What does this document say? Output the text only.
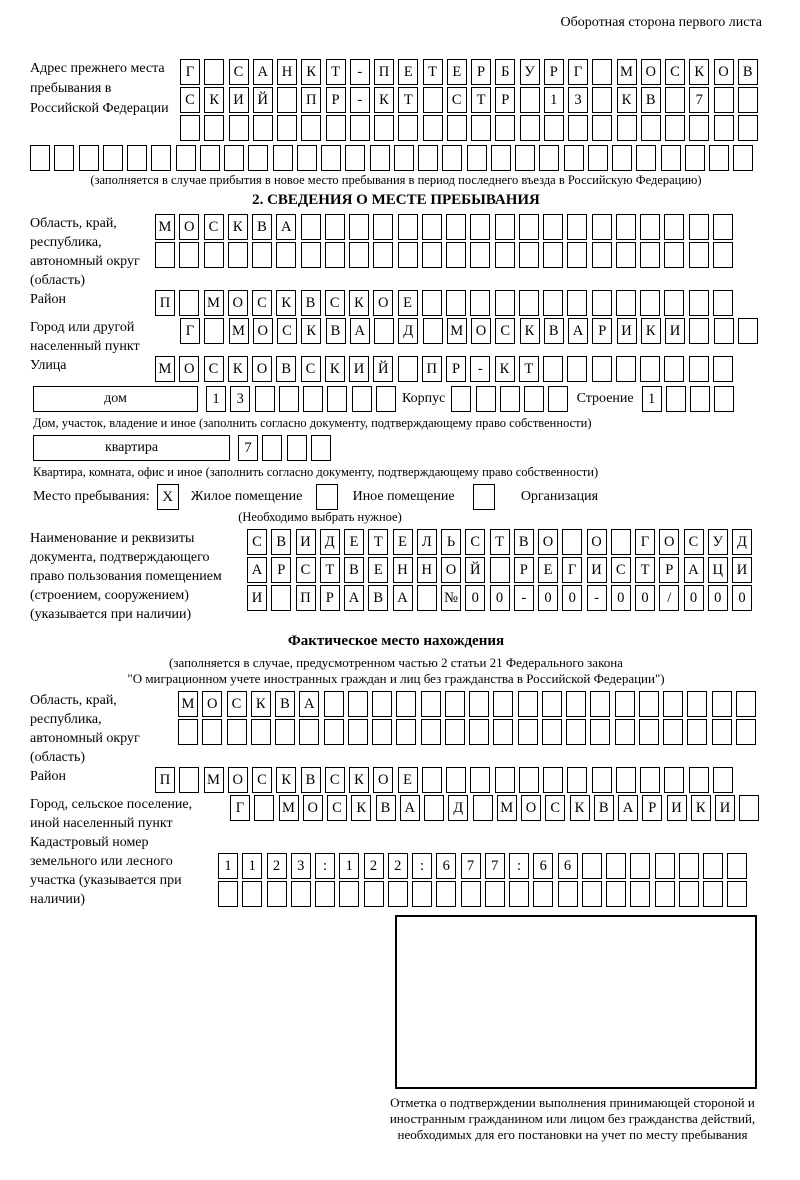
Оборотная сторона первого листа
Адрес прежнего места пребывания в Российской Федерации
Г	С А Н К	Т	-	П	Е	Т	Е	Р	Б	У	Р	Г	М О С	К О В
С	К И Й	П	Р	-	К	Т	С	Т	Р	1	3	К	В	7
(заполняется в случае прибытия в новое место пребывания в период последнего въезда в Российскую Федерацию)
2. СВЕДЕНИЯ О МЕСТЕ ПРЕБЫВАНИЯ
Область, край, республика, автономный округ (область)
М О С	К	В А
Район	П	М О С	К	В	С	К О	Е
Город или другой населенный пункт
Г	М О С	К	В А	Д	М О С	К	В А	Р	И К И
Улица	М О С	К О В	С	К И Й	П	Р	-	К	Т
дом	1	3	Корпус	Строение 1
Дом, участок, владение и иное (заполнить согласно документу, подтверждающему право собственности)
квартира	7
Квартира, комната, офис и иное (заполнить согласно документу, подтверждающему право собственности)
Место пребывания: X	Жилое помещение	Иное помещение	Организация
(Необходимо выбрать нужное)
Наименование и реквизиты документа, подтверждающего право пользования помещением (строением, сооружением) (указывается при наличии)
С	В И Д	Е	Т	Е	Л	Ь	С	Т	В О	О	Г	О С У Д
А	Р	С	Т	В	Е	Н Н О Й	Р	Е	Г	И С	Т	Р	А Ц И
И	П	Р	А В А	№ 0	0	-	0	0	-	0	0	/	0	0	0
Фактическое место нахождения
(заполняется в случае, предусмотренном частью 2 статьи 21 Федерального закона
"О миграционном учете иностранных граждан и лиц без гражданства в Российской Федерации")
Область, край, республика, автономный округ (область)
М О С	К	В А
Район	П	М О С	К	В	С	К О	Е
Город, сельское поселение, иной населенный пункт
Г	М О С	К	В А	Д	М О С	К	В А	Р	И К И
Кадастровый номер земельного или лесного участка (указывается при наличии)
1	1	2	3	:	1	2	2	:	6	7	7	:	6	6
Отметка о подтверждении выполнения принимающей стороной и иностранным гражданином или лицом без гражданства действий, необходимых для его постановки на учет по месту пребывания
